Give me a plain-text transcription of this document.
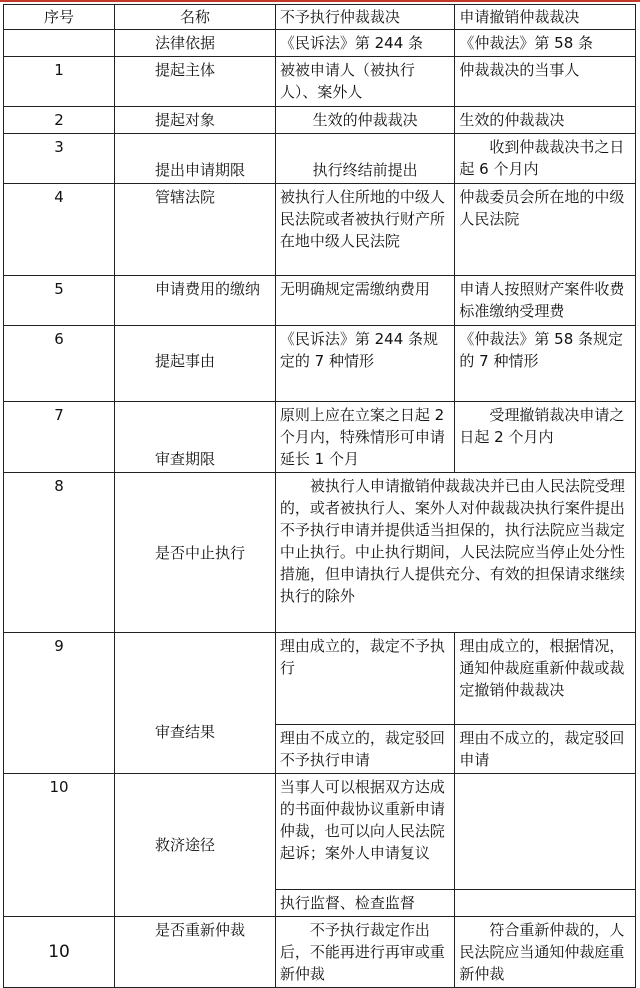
序号	名称	不予执行仲裁裁决	申请撤销仲裁裁决
	法律依据	《民诉法》第 244 条	《仲裁法》第 58 条
1	提起主体	被被申请人（被执行人）、案外人	仲裁裁决的当事人
2	提起对象	生效的仲裁裁决	生效的仲裁裁决
3	提出申请期限	执行终结前提出	收到仲裁裁决书之日起 6 个月内
4	管辖法院	被执行人住所地的中级人民法院或者被执行财产所在地中级人民法院	仲裁委员会所在地的中级人民法院
5	申请费用的缴纳	无明确规定需缴纳费用	申请人按照财产案件收费标准缴纳受理费
6	提起事由	《民诉法》第 244 条规定的 7 种情形	《仲裁法》第 58 条规定的 7 种情形
7	审查期限	原则上应在立案之日起 2 个月内，特殊情形可申请延长 1 个月	受理撤销裁决申请之日起 2 个月内
8	是否中止执行	被执行人申请撤销仲裁裁决并已由人民法院受理的，或者被执行人、案外人对仲裁裁决执行案件提出不予执行申请并提供适当担保的，执行法院应当裁定中止执行。中止执行期间，人民法院应当停止处分性措施，但申请执行人提供充分、有效的担保请求继续执行的除外	
9	审查结果	理由成立的，裁定不予执行	理由成立的，根据情况，通知仲裁庭重新仲裁或裁定撤销仲裁裁决
		理由不成立的，裁定驳回不予执行申请	理由不成立的，裁定驳回申请
10	救济途径	当事人可以根据双方达成的书面仲裁协议重新申请仲裁，也可以向人民法院起诉；案外人申请复议	
		执行监督、检查监督	
10	是否重新仲裁	不予执行裁定作出后，不能再进行再审或重新仲裁	符合重新仲裁的，人民法院应当通知仲裁庭重新仲裁
